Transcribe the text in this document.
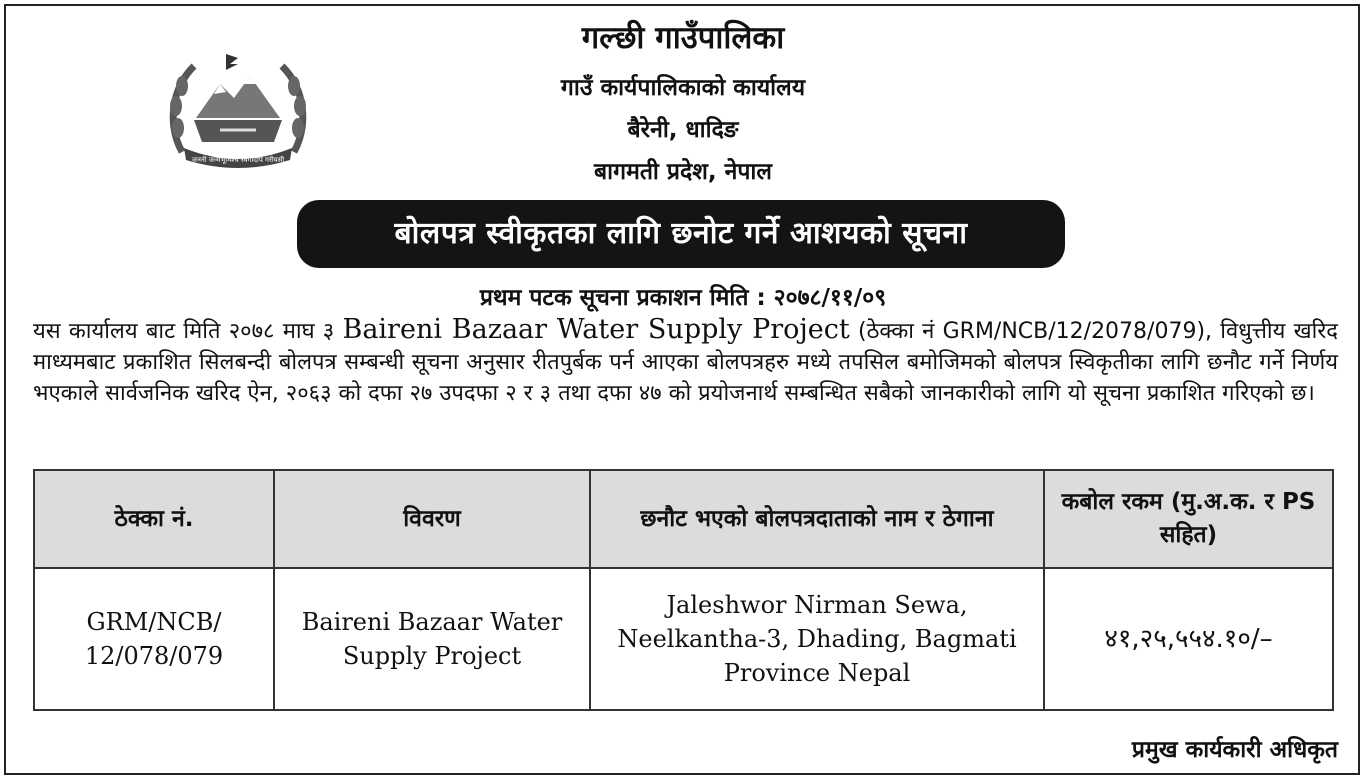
जननी जन्मभूमिश्च स्वर्गादपि गरीयसी
गल्छी गाउँपालिका
गाउँ कार्यपालिकाको कार्यालय
बैरेनी, धादिङ
बागमती प्रदेश, नेपाल
बोलपत्र स्वीकृतका लागि छनोट गर्ने आशयको सूचना
प्रथम पटक सूचना प्रकाशन मिति : २०७८/११/०९
यस कार्यालय बाट मिति २०७८ माघ ३ Baireni Bazaar Water Supply Project (ठेक्का नं GRM/NCB/12/2078/079), विधुत्तीय खरिद माध्यमबाट प्रकाशित सिलबन्दी बोलपत्र सम्बन्धी सूचना अनुसार रीतपुर्बक पर्न आएका बोलपत्रहरु मध्ये तपसिल बमोजिमको बोलपत्र स्विकृतीका लागि छनौट गर्ने निर्णय भएकाले सार्वजनिक खरिद ऐन, २०६३ को दफा २७ उपदफा २ र ३ तथा दफा ४७ को प्रयोजनार्थ सम्बन्धित सबैको जानकारीको लागि यो सूचना प्रकाशित गरिएको छ।
ठेक्का नं.	विवरण	छनौट भएको बोलपत्रदाताको नाम र ठेगाना	कबोल रकम (मु.अ.क. र PS सहित)
GRM/NCB/ 12/078/079	Baireni Bazaar Water Supply Project	Jaleshwor Nirman Sewa, Neelkantha-3, Dhading, Bagmati Province Nepal	४१,२५,५५४.१०/–
प्रमुख कार्यकारी अधिकृत
